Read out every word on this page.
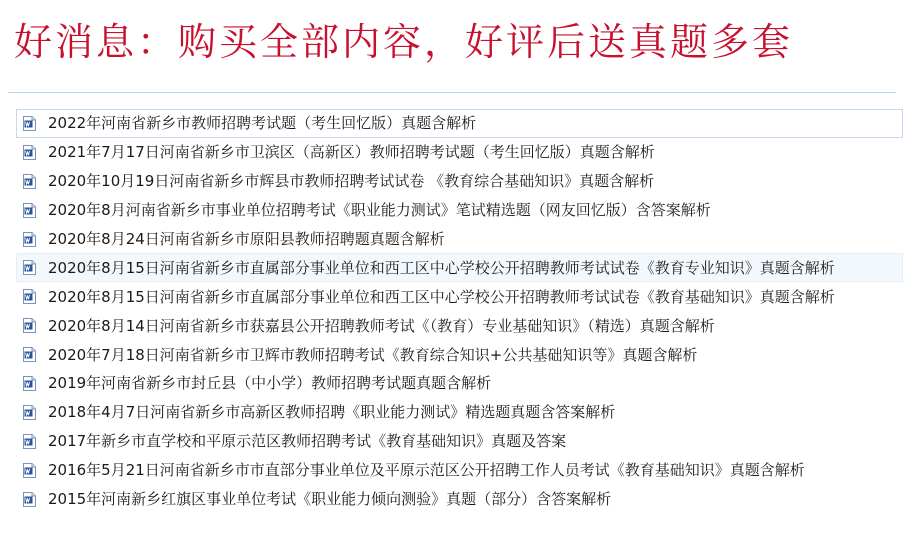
好消息：购买全部内容，好评后送真题多套
2022年河南省新乡市教师招聘考试题（考生回忆版）真题含解析
2021年7月17日河南省新乡市卫滨区（高新区）教师招聘考试题（考生回忆版）真题含解析
2020年10月19日河南省新乡市辉县市教师招聘考试试卷 《教育综合基础知识》真题含解析
2020年8月河南省新乡市事业单位招聘考试《职业能力测试》笔试精选题（网友回忆版）含答案解析
2020年8月24日河南省新乡市原阳县教师招聘题真题含解析
2020年8月15日河南省新乡市直属部分事业单位和西工区中心学校公开招聘教师考试试卷《教育专业知识》真题含解析
2020年8月15日河南省新乡市直属部分事业单位和西工区中心学校公开招聘教师考试试卷《教育基础知识》真题含解析
2020年8月14日河南省新乡市获嘉县公开招聘教师考试《（教育）专业基础知识》（精选）真题含解析
2020年7月18日河南省新乡市卫辉市教师招聘考试《教育综合知识+公共基础知识等》真题含解析
2019年河南省新乡市封丘县（中小学）教师招聘考试题真题含解析
2018年4月7日河南省新乡市高新区教师招聘《职业能力测试》精选题真题含答案解析
2017年新乡市直学校和平原示范区教师招聘考试《教育基础知识》真题及答案
2016年5月21日河南省新乡市市直部分事业单位及平原示范区公开招聘工作人员考试《教育基础知识》真题含解析
2015年河南新乡红旗区事业单位考试《职业能力倾向测验》真题（部分）含答案解析
